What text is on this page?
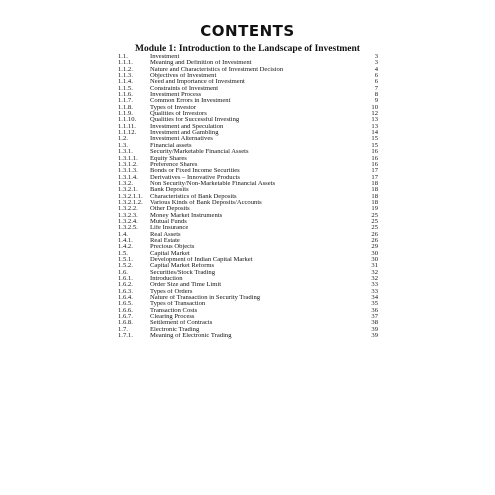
CONTENTS
Module 1: Introduction to the Landscape of Investment
1.1.	Investment	3
1.1.1.	Meaning and Definition of Investment	3
1.1.2.	Nature and Characteristics of Investment Decision	4
1.1.3.	Objectives of Investment	6
1.1.4.	Need and Importance of Investment	6
1.1.5.	Constraints of Investment	7
1.1.6.	Investment Process	8
1.1.7.	Common Errors in Investment	9
1.1.8.	Types of Investor	10
1.1.9.	Qualities of Investors	12
1.1.10.	Qualities for Successful Investing	13
1.1.11.	Investment and Speculation	13
1.1.12.	Investment and Gambling	14
1.2.	Investment Alternatives	15
1.3.	Financial assets	15
1.3.1.	Security/Marketable Financial Assets	16
1.3.1.1.	Equity Shares	16
1.3.1.2.	Preference Shares	16
1.3.1.3.	Bonds or Fixed Income Securities	17
1.3.1.4.	Derivatives – Innovative Products	17
1.3.2.	Non Security/Non-Marketable Financial Assets	18
1.3.2.1.	Bank Deposits	18
1.3.2.1.1.	Characteristics of Bank Deposits	18
1.3.2.1.2.	Various Kinds of Bank Deposits/Accounts	18
1.3.2.2.	Other Deposits	19
1.3.2.3.	Money Market Instruments	25
1.3.2.4.	Mutual Funds	25
1.3.2.5.	Life Insurance	25
1.4.	Real Assets	26
1.4.1.	Real Estate	26
1.4.2.	Precious Objects	29
1.5.	Capital Market	30
1.5.1.	Development of Indian Capital Market	30
1.5.2.	Capital Market Reforms	31
1.6.	Securities/Stock Trading	32
1.6.1.	Introduction	32
1.6.2.	Order Size and Time Limit	33
1.6.3.	Types of Orders	33
1.6.4.	Nature of Transaction in Security Trading	34
1.6.5.	Types of Transaction	35
1.6.6.	Transaction Costs	36
1.6.7.	Clearing Process	37
1.6.8.	Settlement of Contracts	38
1.7.	Electronic Trading	39
1.7.1.	Meaning of Electronic Trading	39
